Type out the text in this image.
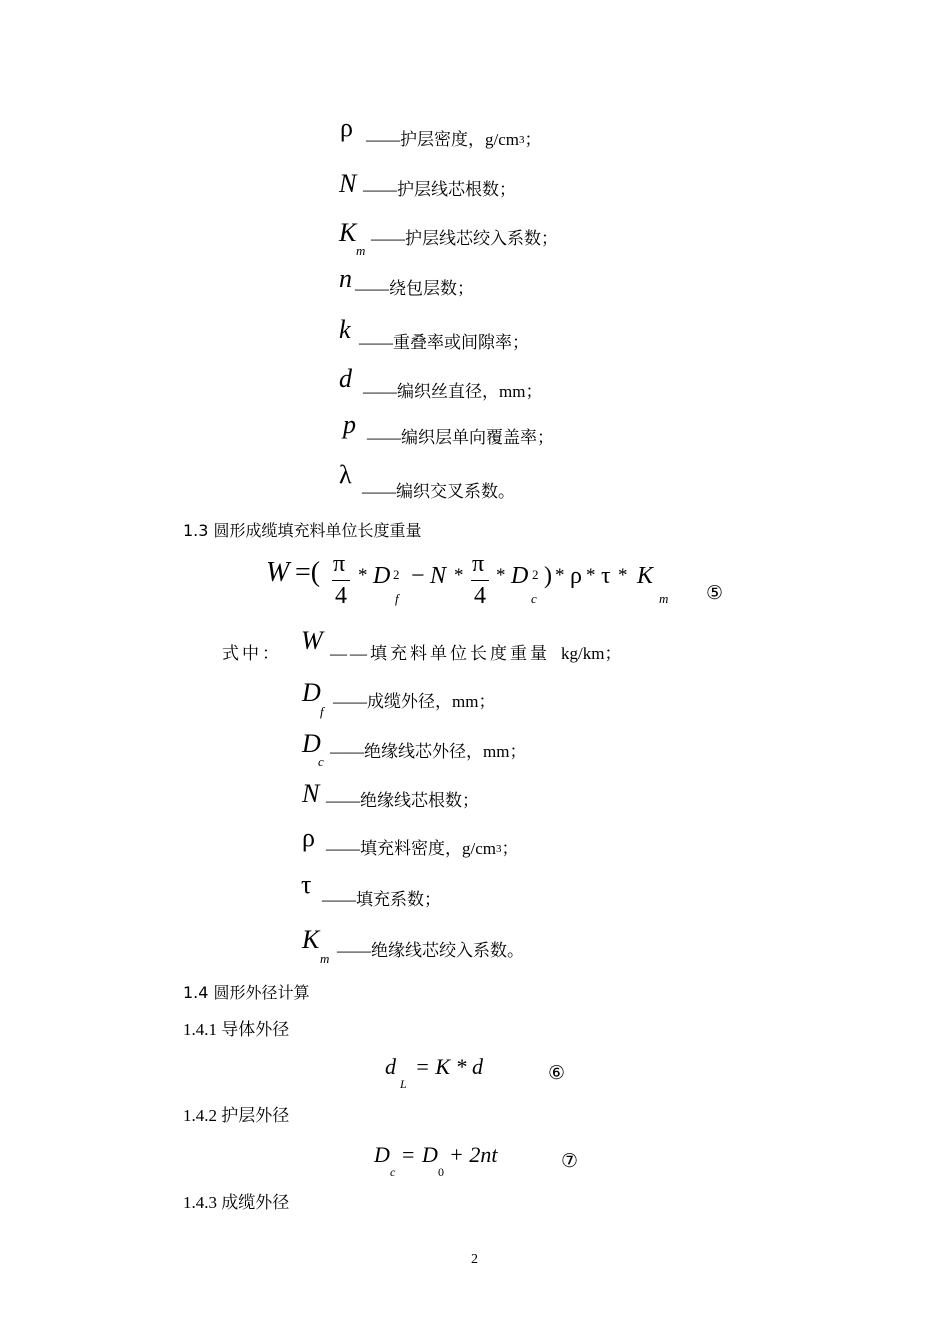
ρ ——护层密度，g/cm3；
N ——护层线芯根数；
K
m
——护层线芯绞入系数；
n ——绕包层数；
k ——重叠率或间隙率；
d ——编织丝直径，mm；
p ——编织层单向覆盖率；
λ
——编织交叉系数。
1.3 圆形成缆填充料单位长度重量
W =( π
4
* D 2
f
− N * π
4
* D 2
c
) * ρ * τ * K
m ⑤
式中： W ——填充料单位长度重量 kg/km；
D
f
——成缆外径，mm；
D
c
——绝缘线芯外径，mm；
N ——绝缘线芯根数；
ρ ——填充料密度，g/cm3；
τ
——填充系数；
K
m ——绝缘线芯绞入系数。
1.4 圆形外径计算
1.4.1 导体外径
d
L
= K * d	⑥
1.4.2 护层外径
D
c
= D
0
+ 2nt	⑦
1.4.3 成缆外径
2
